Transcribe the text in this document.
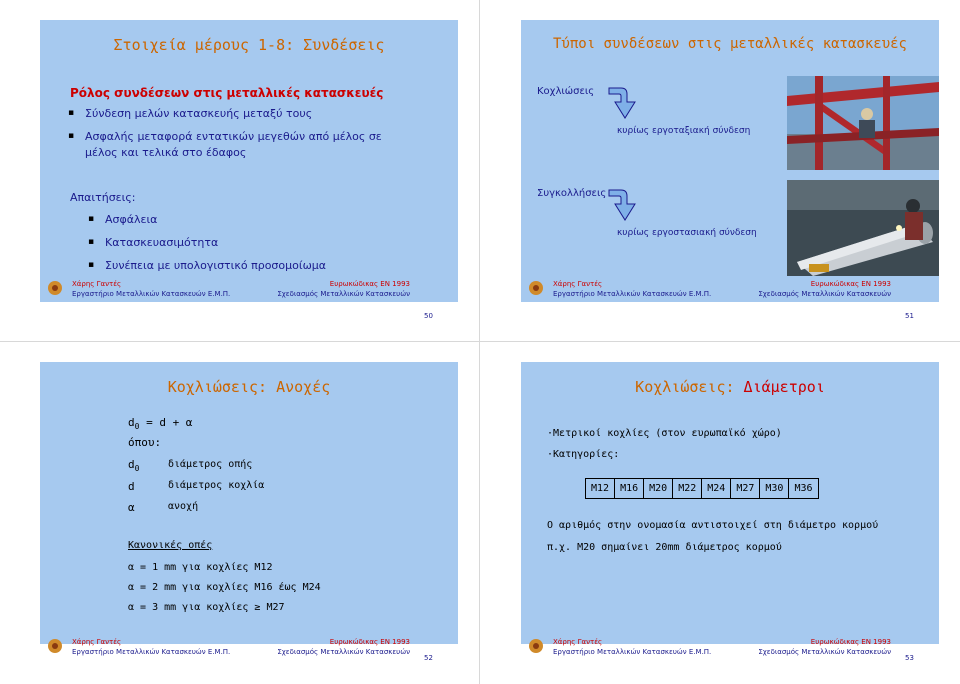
Στοιχεία μέρους 1-8: Συνδέσεις
Ρόλος συνδέσεων στις μεταλλικές κατασκευές
▪ Σύνδεση μελών κατασκευής μεταξύ τους
▪ Ασφαλής μεταφορά εντατικών μεγεθών από μέλος σε
μέλος και τελικά στο έδαφος
Απαιτήσεις:
▪ Ασφάλεια
▪ Κατασκευασιμότητα
▪ Συνέπεια με υπολογιστικό προσομοίωμα
Τύποι συνδέσεων στις μεταλλικές κατασκευές
Κοχλιώσεις
κυρίως εργοταξιακή σύνδεση
Συγκολλήσεις
κυρίως εργοστασιακή σύνδεση
Κοχλιώσεις: Ανοχές
$d_0 = d + \alpha$
όπου:
$d_0$	διάμετρος οπής
d	διάμετρος κοχλία
α	ανοχή
Κανονικές οπές
α = 1 mm για κοχλίες M12
α = 2 mm για κοχλίες M16 έως M24
α = 3 mm για κοχλίες ≥ M27
Κοχλιώσεις: Διάμετροι
·Μετρικοί κοχλίες (στον ευρωπαϊκό χώρο)
·Κατηγορίες:
M12	M16	M20	M22	M24	M27	M30	M36
Ο αριθμός στην ονομασία αντιστοιχεί στη διάμετρο κορμού
π.χ. M20 σημαίνει 20mm διάμετρος κορμού
Χάρης Γαντές
Εργαστήριο Μεταλλικών Κατασκευών Ε.Μ.Π.
Ευρωκώδικας EN 1993
Σχεδιασμός Μεταλλικών Κατασκευών
50
Χάρης Γαντές
Εργαστήριο Μεταλλικών Κατασκευών Ε.Μ.Π.
Ευρωκώδικας EN 1993
Σχεδιασμός Μεταλλικών Κατασκευών
51
Χάρης Γαντές
Εργαστήριο Μεταλλικών Κατασκευών Ε.Μ.Π.
Ευρωκώδικας EN 1993
Σχεδιασμός Μεταλλικών Κατασκευών
52
Χάρης Γαντές
Εργαστήριο Μεταλλικών Κατασκευών Ε.Μ.Π.
Ευρωκώδικας EN 1993
Σχεδιασμός Μεταλλικών Κατασκευών
53
